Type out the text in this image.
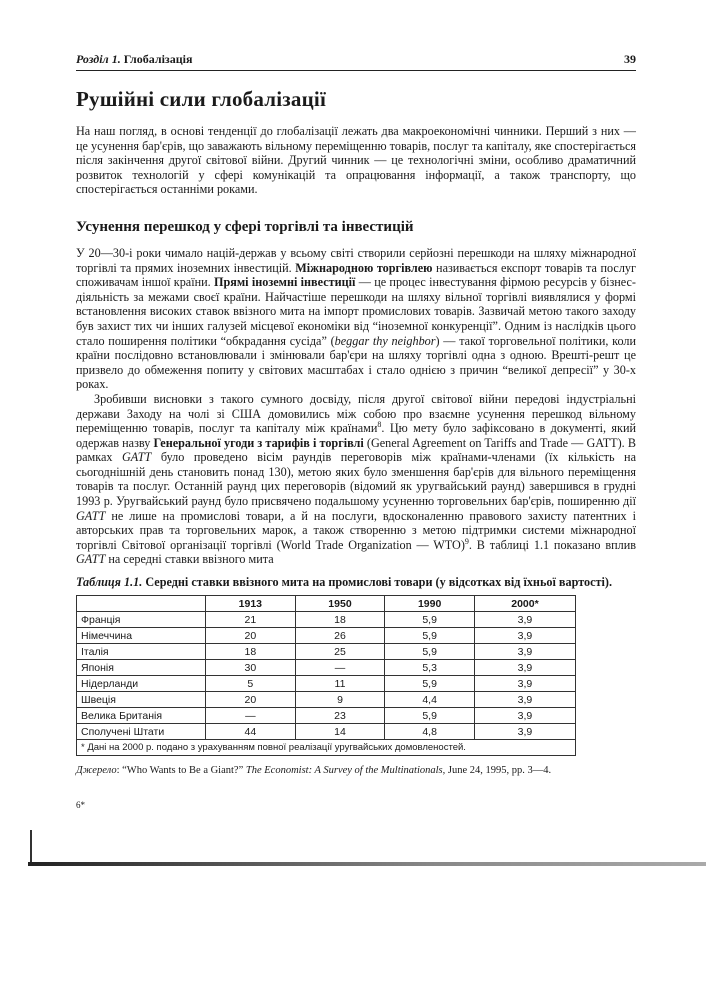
Розділ 1. Глобалізація	39
Рушійні сили глобалізації

На наш погляд, в основі тенденції до глобалізації лежать два макроекономічні чинники. Перший з них — це усунення бар'єрів, що заважають вільному переміщенню товарів, послуг та капіталу, яке спостерігається після закінчення другої світової війни. Другий чинник — це технологічні зміни, особливо драматичний розвиток технологій у сфері комунікацій та опрацювання інформації, а також транспорту, що спостерігається останніми роками.

Усунення перешкод у сфері торгівлі та інвестицій

У 20—30-і роки чимало націй-держав у всьому світі створили серйозні перешкоди на шляху міжнародної торгівлі та прямих іноземних інвестицій. Міжнародною торгівлею називається експорт товарів та послуг споживачам іншої країни. Прямі іноземні інвестиції — це процес інвестування фірмою ресурсів у бізнес-діяльність за межами своєї країни. Найчастіше перешкоди на шляху вільної торгівлі виявлялися у формі встановлення високих ставок ввізного мита на імпорт промислових товарів. Зазвичай метою такого заходу був захист тих чи інших галузей місцевої економіки від “іноземної конкуренції”. Одним із наслідків цього стало поширення політики “обкрадання сусіда” (beggar thy neighbor) — такої торговельної політики, коли країни послідовно встановлювали і змінювали бар'єри на шляху торгівлі одна з одною. Врешті-решт це призвело до обмеження попиту у світових масштабах і стало однією з причин “великої депресії” у 30-х роках.

Зробивши висновки з такого сумного досвіду, після другої світової війни передові індустріальні держави Заходу на чолі зі США домовились між собою про взаємне усунення перешкод вільному переміщенню товарів, послуг та капіталу між країнами$^8$. Цю мету було зафіксовано в документі, який одержав назву Генеральної угоди з тарифів і торгівлі (General Agreement on Tariffs and Trade — GATT). В рамках GATT було проведено вісім раундів переговорів між країнами-членами (їх кількість на сьогоднішній день становить понад 130), метою яких було зменшення бар'єрів для вільного переміщення товарів та послуг. Останній раунд цих переговорів (відомий як уругвайський раунд) завершився в грудні 1993 р. Уругвайський раунд було присвячено подальшому усуненню торговельних бар'єрів, поширенню дії GATT не лише на промислові товари, а й на послуги, вдосконаленню правового захисту патентних і авторських прав та торговельних марок, а також створенню з метою підтримки системи міжнародної торгівлі Світової організації торгівлі (World Trade Organization — WTO)$^9$. В таблиці 1.1 показано вплив GATT на середні ставки ввізного мита

Таблиця 1.1. Середні ставки ввізного мита на промислові товари (у відсотках від їхньої вартості).
	1913	1950	1990	2000*
Франція	21	18	5,9	3,9
Німеччина	20	26	5,9	3,9
Італія	18	25	5,9	3,9
Японія	30	—	5,3	3,9
Нідерланди	5	11	5,9	3,9
Швеція	20	9	4,4	3,9
Велика Британія	—	23	5,9	3,9
Сполучені Штати	44	14	4,8	3,9
* Дані на 2000 р. подано з урахуванням повної реалізації уругвайських домовленостей.				
Джерело: “Who Wants to Be a Giant?” The Economist: A Survey of the Multinationals, June 24, 1995, pp. 3—4.
6*
